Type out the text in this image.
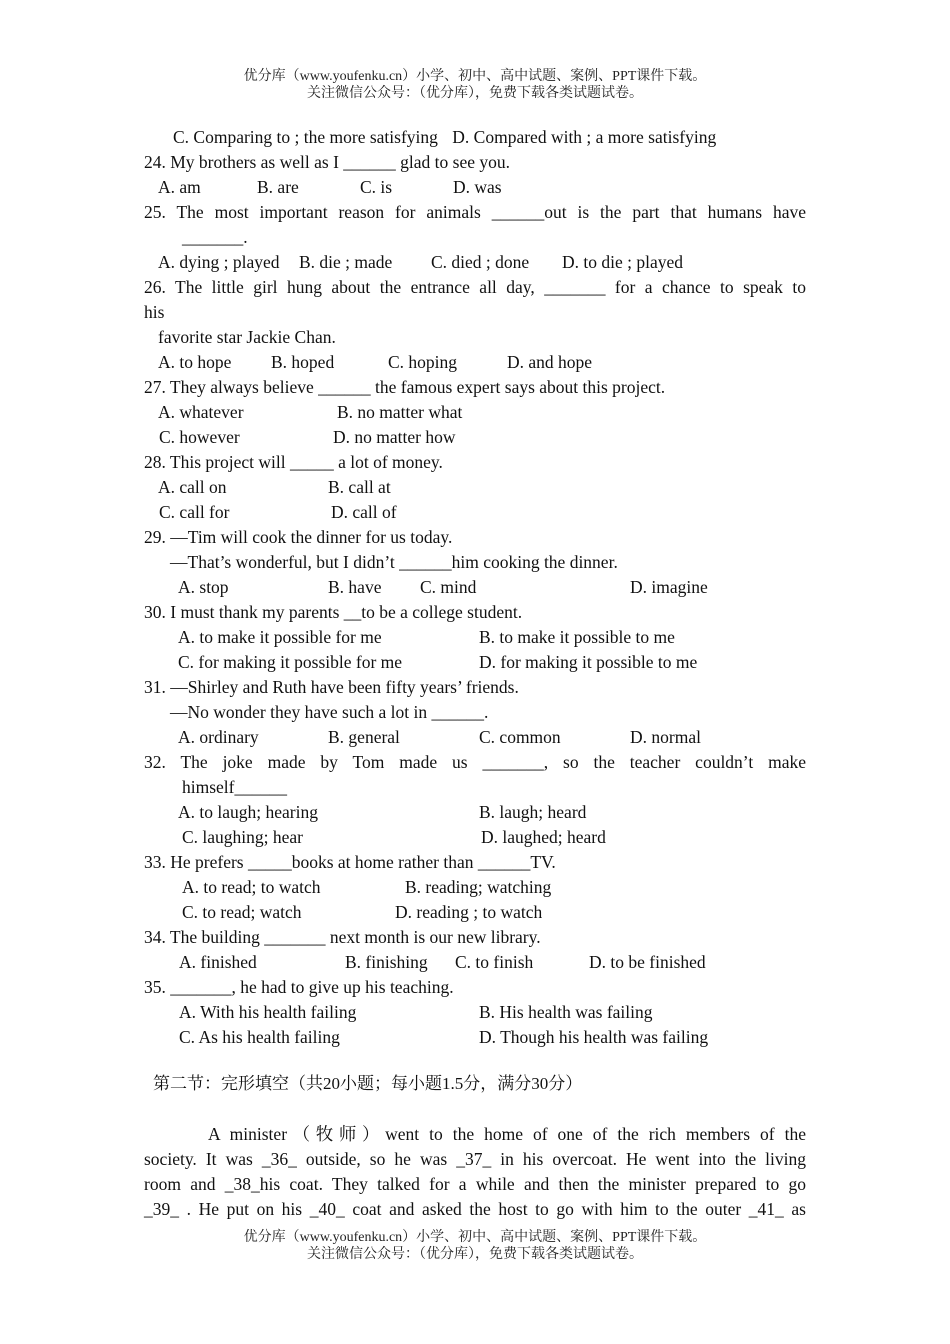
优分库（www.youfenku.cn）小学、初中、高中试题、案例、PPT课件下载。
关注微信公众号：（优分库），免费下载各类试题试卷。
C. Comparing to ; the more satisfying D. Compared with ; a more satisfying
24. My brothers as well as I ______ glad to see you.
A. am	B. are	C. is	D. was
25. The most important reason for animals ______out is the part that humans have
_______.
A. dying ; played B. die ; made C. died ; done D. to die ; played
26. The little girl hung about the entrance all day, _______ for a chance to speak to
his
favorite star Jackie Chan.
A. to hope B. hoped	C. hoping	D. and hope
27. They always believe ______ the famous expert says about this project.
A. whatever	B. no matter what
C. however	D. no matter how
28. This project will _____ a lot of money.
A. call on	B. call at
C. call for	D. call of
29. —Tim will cook the dinner for us today.
—That’s wonderful, but I didn’t ______him cooking the dinner.
A. stop	B. have C. mind	D. imagine
30. I must thank my parents __to be a college student.
A. to make it possible for me	B. to make it possible to me
C. for making it possible for me	D. for making it possible to me
31. —Shirley and Ruth have been fifty years’ friends.
—No wonder they have such a lot in ______.
A. ordinary	B. general	C. common	D. normal
32. The joke made by Tom made us _______, so the teacher couldn’t make
himself______
A. to laugh; hearing	B. laugh; heard
C. laughing; hear	D. laughed; heard
33. He prefers _____books at home rather than ______TV.
A. to read; to watch	B. reading; watching
C. to read; watch	D. reading ; to watch
34. The building _______ next month is our new library.
A. finished	B. finishing C. to finish	D. to be finished
35. _______, he had to give up his teaching.
A. With his health failing	B. His health was failing
C. As his health failing	D. Though his health was failing
第二节：完形填空（共20小题；每小题1.5分，满分30分）
A minister（牧师）went to the home of one of the rich members of the
society. It was _36_ outside, so he was _37_ in his overcoat. He went into the living
room and _38_his coat. They talked for a while and then the minister prepared to go
_39_ . He put on his _40_ coat and asked the host to go with him to the outer _41_ as
优分库（www.youfenku.cn）小学、初中、高中试题、案例、PPT课件下载。
关注微信公众号：（优分库），免费下载各类试题试卷。
